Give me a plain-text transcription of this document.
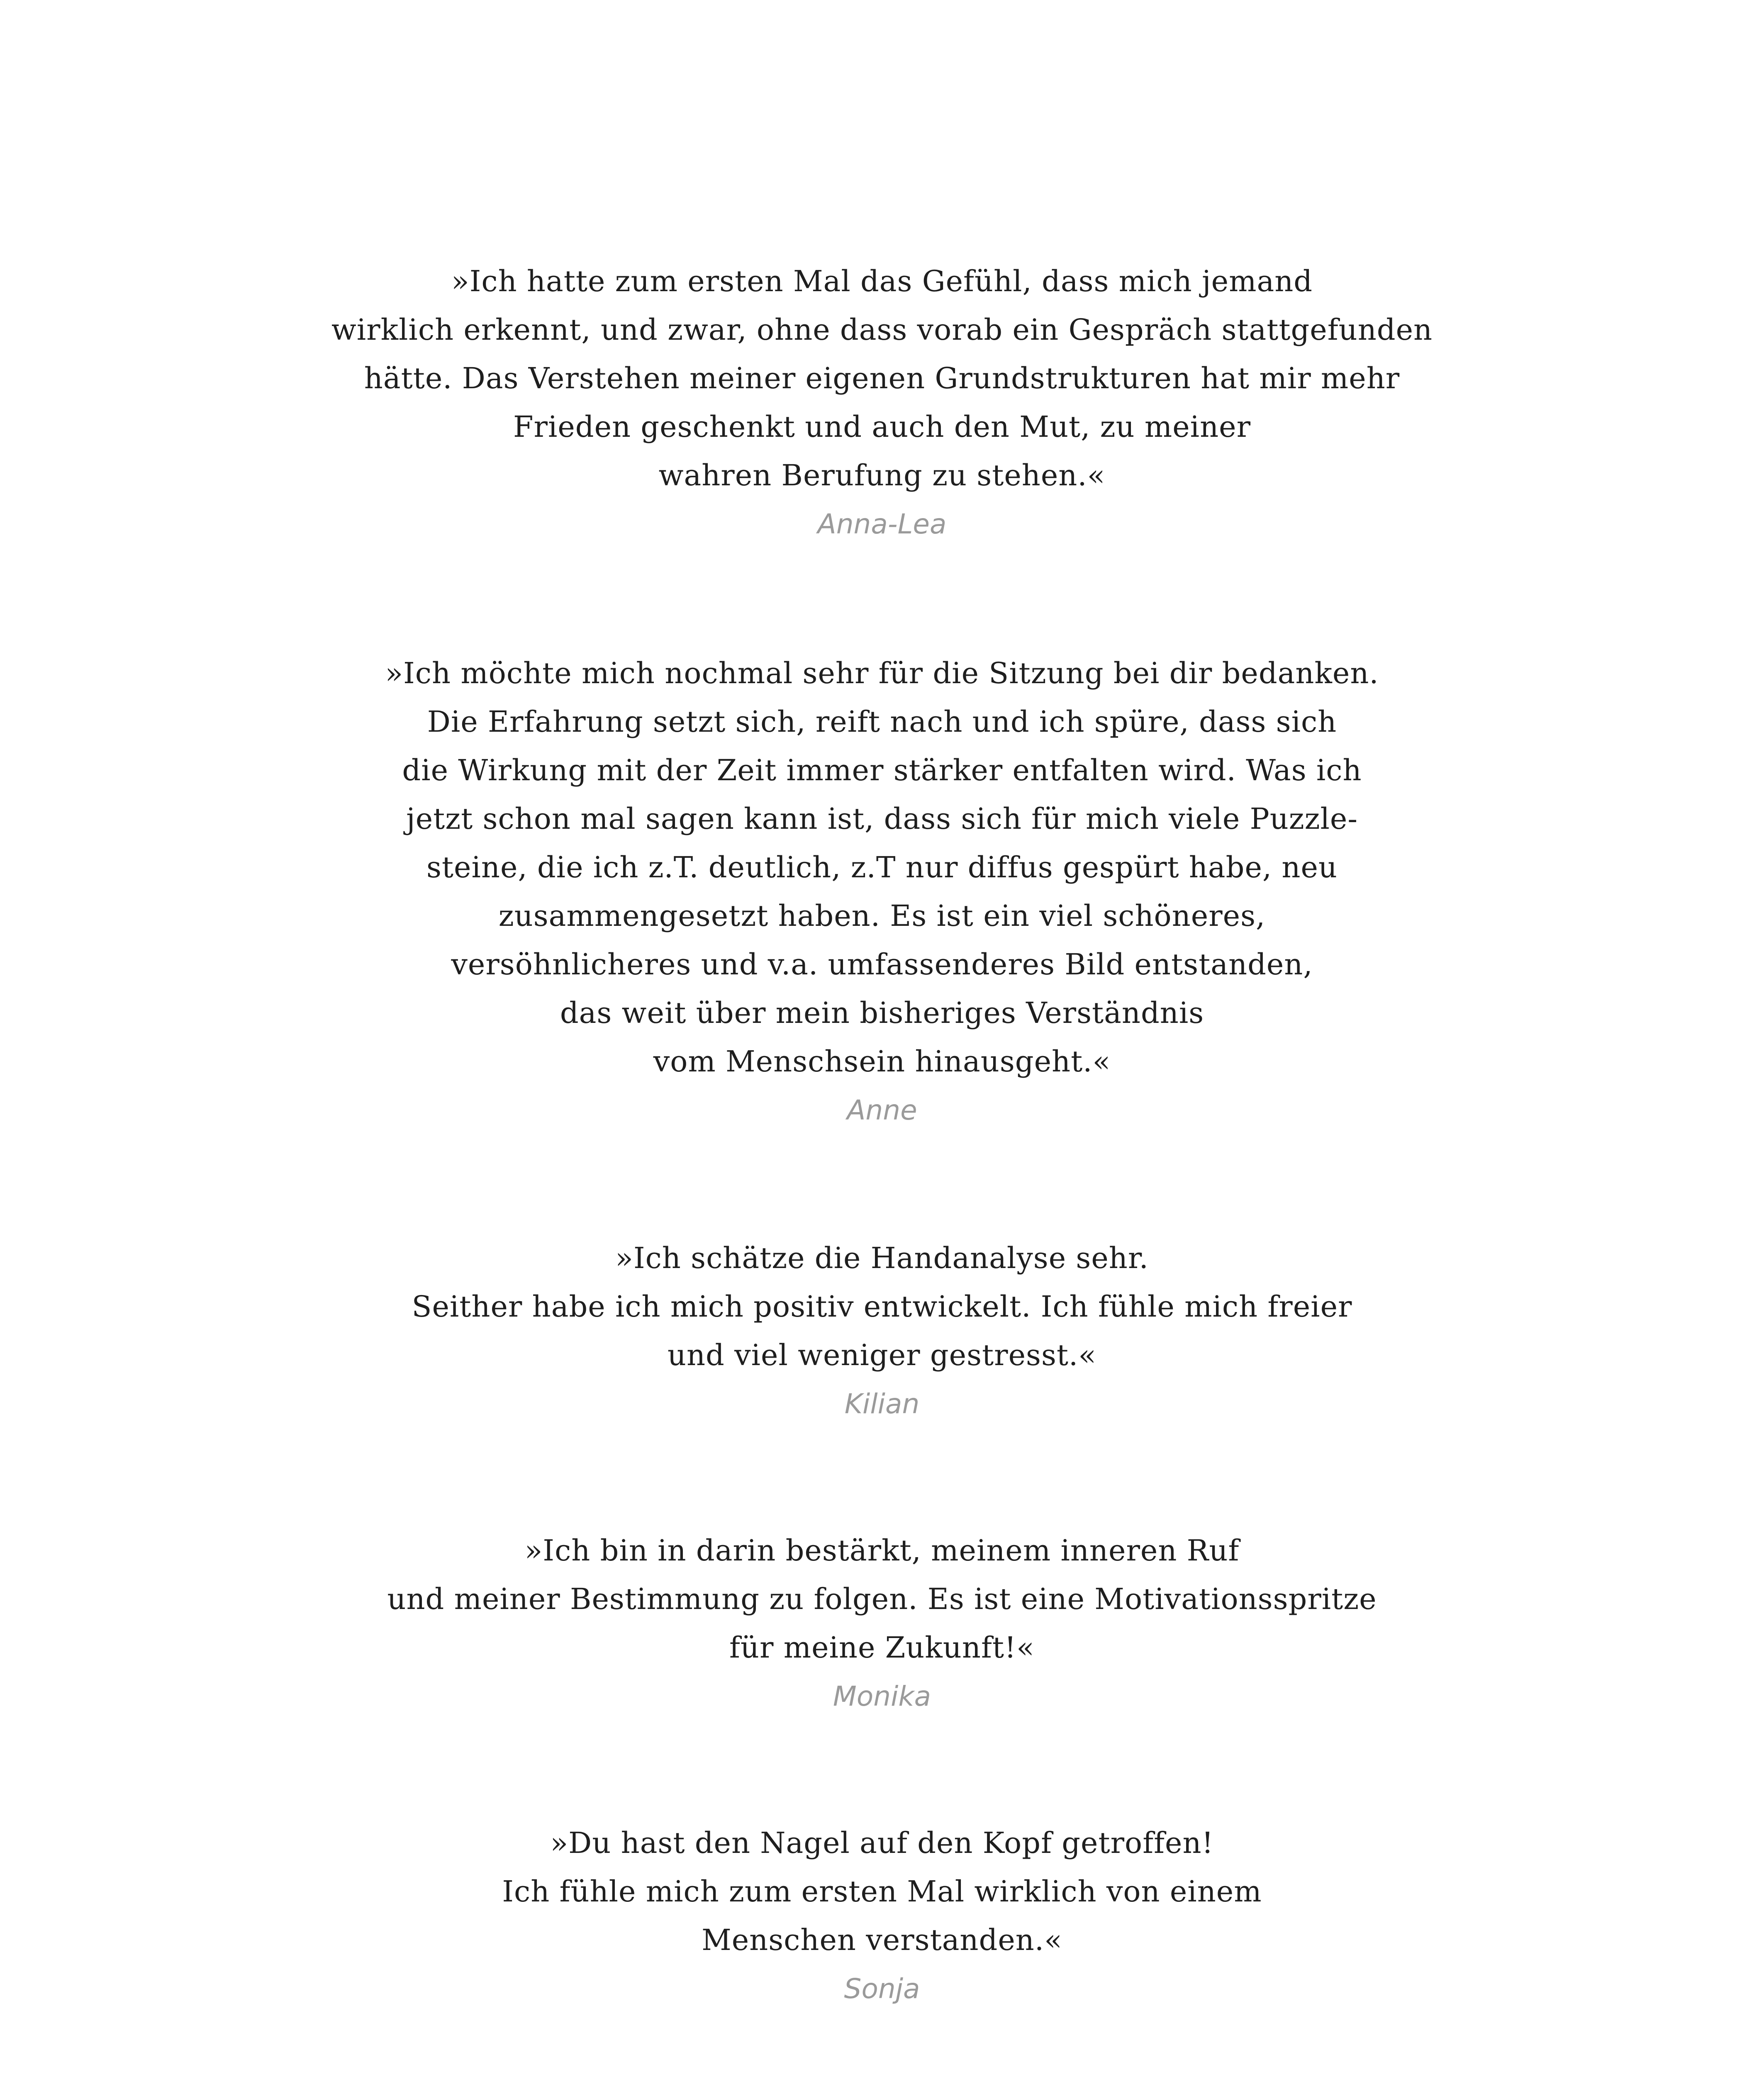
»Ich hatte zum ersten Mal das Gefühl, dass mich jemand
wirklich erkennt, und zwar, ohne dass vorab ein Gespräch stattgefunden
hätte. Das Verstehen meiner eigenen Grundstrukturen hat mir mehr
Frieden geschenkt und auch den Mut, zu meiner
wahren Berufung zu stehen.«
Anna-Lea
»Ich möchte mich nochmal sehr für die Sitzung bei dir bedanken.
Die Erfahrung setzt sich, reift nach und ich spüre, dass sich
die Wirkung mit der Zeit immer stärker entfalten wird. Was ich
jetzt schon mal sagen kann ist, dass sich für mich viele Puzzle-
steine, die ich z.T. deutlich, z.T nur diffus gespürt habe, neu
zusammengesetzt haben. Es ist ein viel schöneres,
versöhnlicheres und v.a. umfassenderes Bild entstanden,
das weit über mein bisheriges Verständnis
vom Menschsein hinausgeht.«
Anne
»Ich schätze die Handanalyse sehr.
Seither habe ich mich positiv entwickelt. Ich fühle mich freier
und viel weniger gestresst.«
Kilian
»Ich bin in darin bestärkt, meinem inneren Ruf
und meiner Bestimmung zu folgen. Es ist eine Motivationsspritze
für meine Zukunft!«
Monika
»Du hast den Nagel auf den Kopf getroffen!
Ich fühle mich zum ersten Mal wirklich von einem
Menschen verstanden.«
Sonja
